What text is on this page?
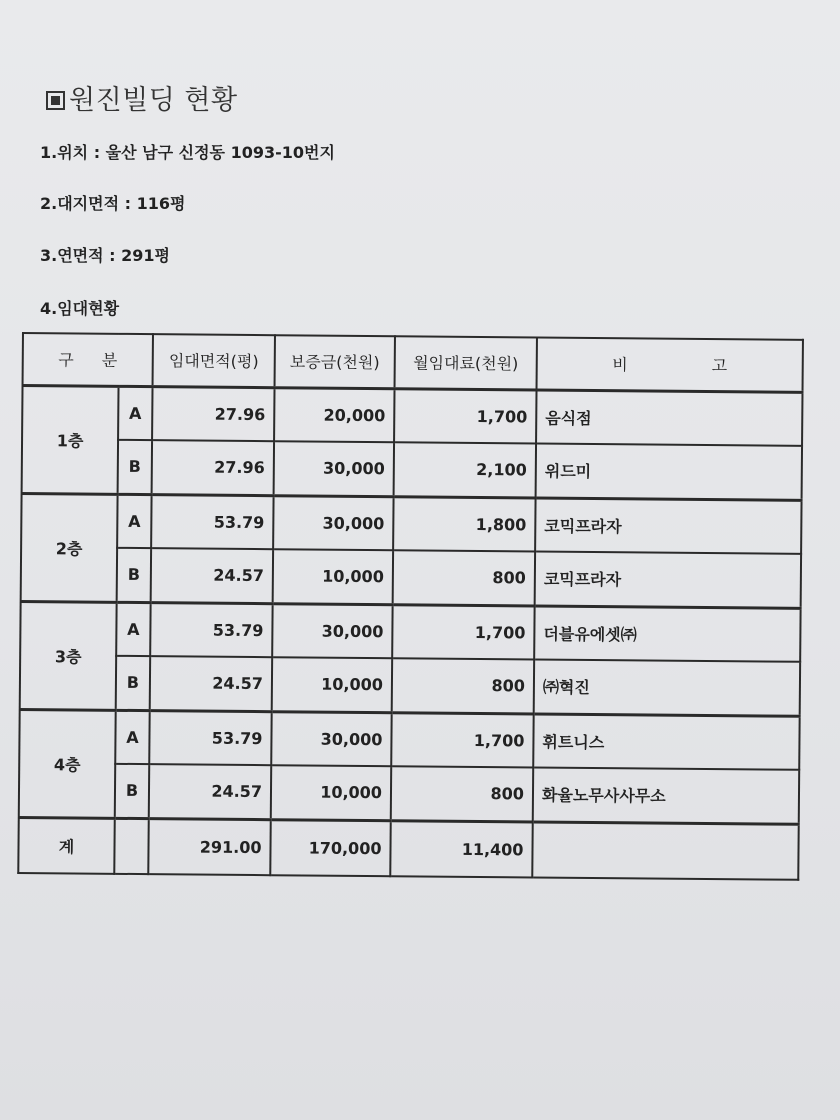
원진빌딩 현황
1.위치 : 울산 남구 신정동 1093-10번지
2.대지면적 : 116평
3.연면적 : 291평
4.임대현황
구 분		임대면적(평)	보증금(천원)	월임대료(천원)	비 고
1층	A	27.96	20,000	1,700	음식점
	B	27.96	30,000	2,100	위드미
2층	A	53.79	30,000	1,800	코믹프라자
	B	24.57	10,000	800	코믹프라자
3층	A	53.79	30,000	1,700	더블유에셋㈜
	B	24.57	10,000	800	㈜혁진
4층	A	53.79	30,000	1,700	휘트니스
	B	24.57	10,000	800	화율노무사사무소
계		291.00	170,000	11,400	
